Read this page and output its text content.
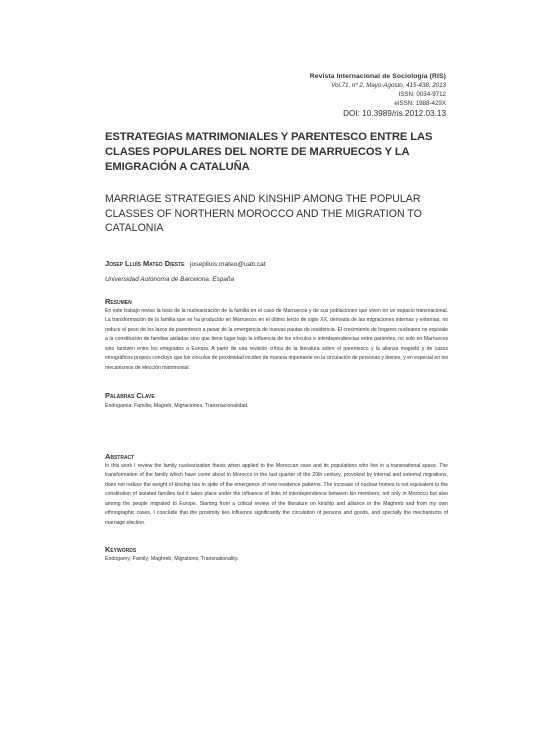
Revista Internacional de Sociología (RIS)
Vol.71, nº 2, Mayo-Agosto, 415-438, 2013
ISSN: 0034-9712
eISSN: 1988-429X
DOI: 10.3989/ris.2012.03.13
ESTRATEGIAS MATRIMONIALES Y PARENTESCO ENTRE LAS CLASES POPULARES DEL NORTE DE MARRUECOS Y LA EMIGRACIÓN A CATALUÑA
MARRIAGE STRATEGIES AND KINSHIP AMONG THE POPULAR CLASSES OF NORTHERN MOROCCO AND THE MIGRATION TO CATALONIA
Josep Lluís Mateo Dieste joseplluis.mateo@uab.cat
Universidad Autónoma de Barcelona. España
Resumen

En este trabajo reviso la tesis de la nuclearización de la familia en el caso de Marruecos y de sus poblaciones que viven en un espacio transnacional. La transformación de la familia que se ha producido en Marruecos en el último tercio de siglo XX, derivada de las migraciones internas y externas, no reduce el peso de los lazos de parentesco a pesar de la emergencia de nuevas pautas de residencia. El crecimiento de hogares nucleares no equivale a la constitución de familias aisladas sino que tiene lugar bajo la influencia de los vínculos e interdependencias entre parientes, no solo en Marruecos sino también entre los emigrados a Europa. A partir de una revisión crítica de la literatura sobre el parentesco y la alianza magrebí y de casos etnográficos propios concluyo que los vínculos de proximidad inciden de manera importante en la circulación de personas y bienes, y en especial en los mecanismos de elección matrimonial.

Palabras Clave
Endogamia; Familia; Magreb; Migraciones; Transnacionalidad.
Abstract

In this work I review the family nuclearization thesis when applied to the Moroccan case and its populations who live in a transnational space. The transformation of the family which have come about in Morocco in the last quarter of the 20th century, provoked by internal and external migrations, does not reduce the weight of kinship ties in spite of the emergence of new residence patterns. The increase of nuclear homes is not equivalent to the constitution of isolated families but it takes place under the influence of links of interdependence between kin members, not only in Morocco but also among the people migrated to Europe. Starting from a critical review of the literature on kinship and alliance in the Maghreb and from my own ethnographic cases, I conclude that the proximity ties influence significantly the circulation of persons and goods, and specially the mechanisms of marriage election.

Keywords
Endogamy; Family; Maghreb; Migrations; Transnationality.
